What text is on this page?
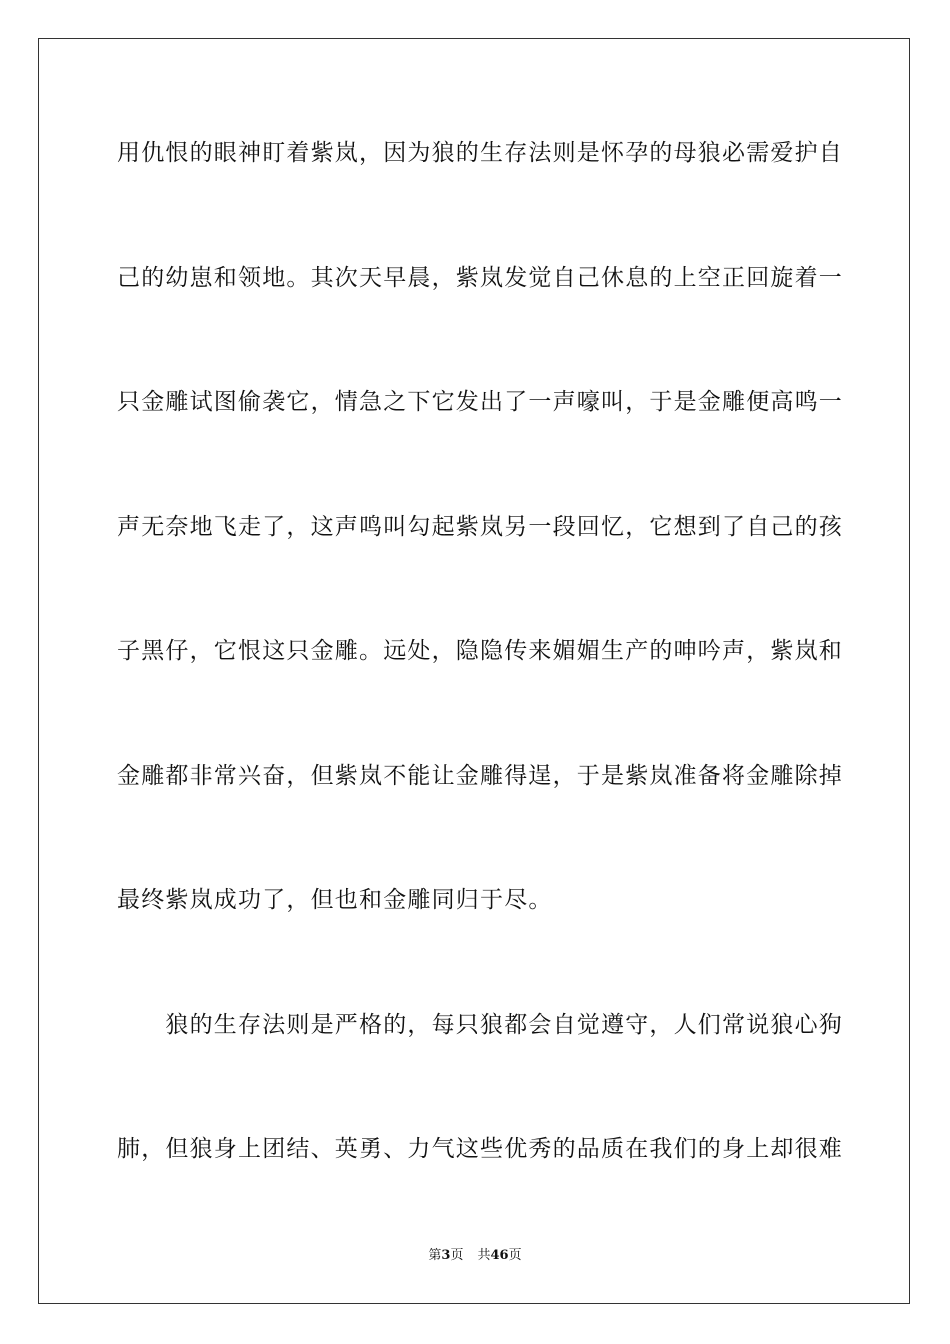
用仇恨的眼神盯着紫岚，因为狼的生存法则是怀孕的母狼必需爱护自
己的幼崽和领地。其次天早晨，紫岚发觉自己休息的上空正回旋着一
只金雕试图偷袭它，情急之下它发出了一声嚎叫，于是金雕便高鸣一
声无奈地飞走了，这声鸣叫勾起紫岚另一段回忆，它想到了自己的孩
子黑仔，它恨这只金雕。远处，隐隐传来媚媚生产的呻吟声，紫岚和
金雕都非常兴奋，但紫岚不能让金雕得逞，于是紫岚准备将金雕除掉
最终紫岚成功了，但也和金雕同归于尽。
　　狼的生存法则是严格的，每只狼都会自觉遵守，人们常说狼心狗
肺，但狼身上团结、英勇、力气这些优秀的品质在我们的身上却很难
第3页 共46页
